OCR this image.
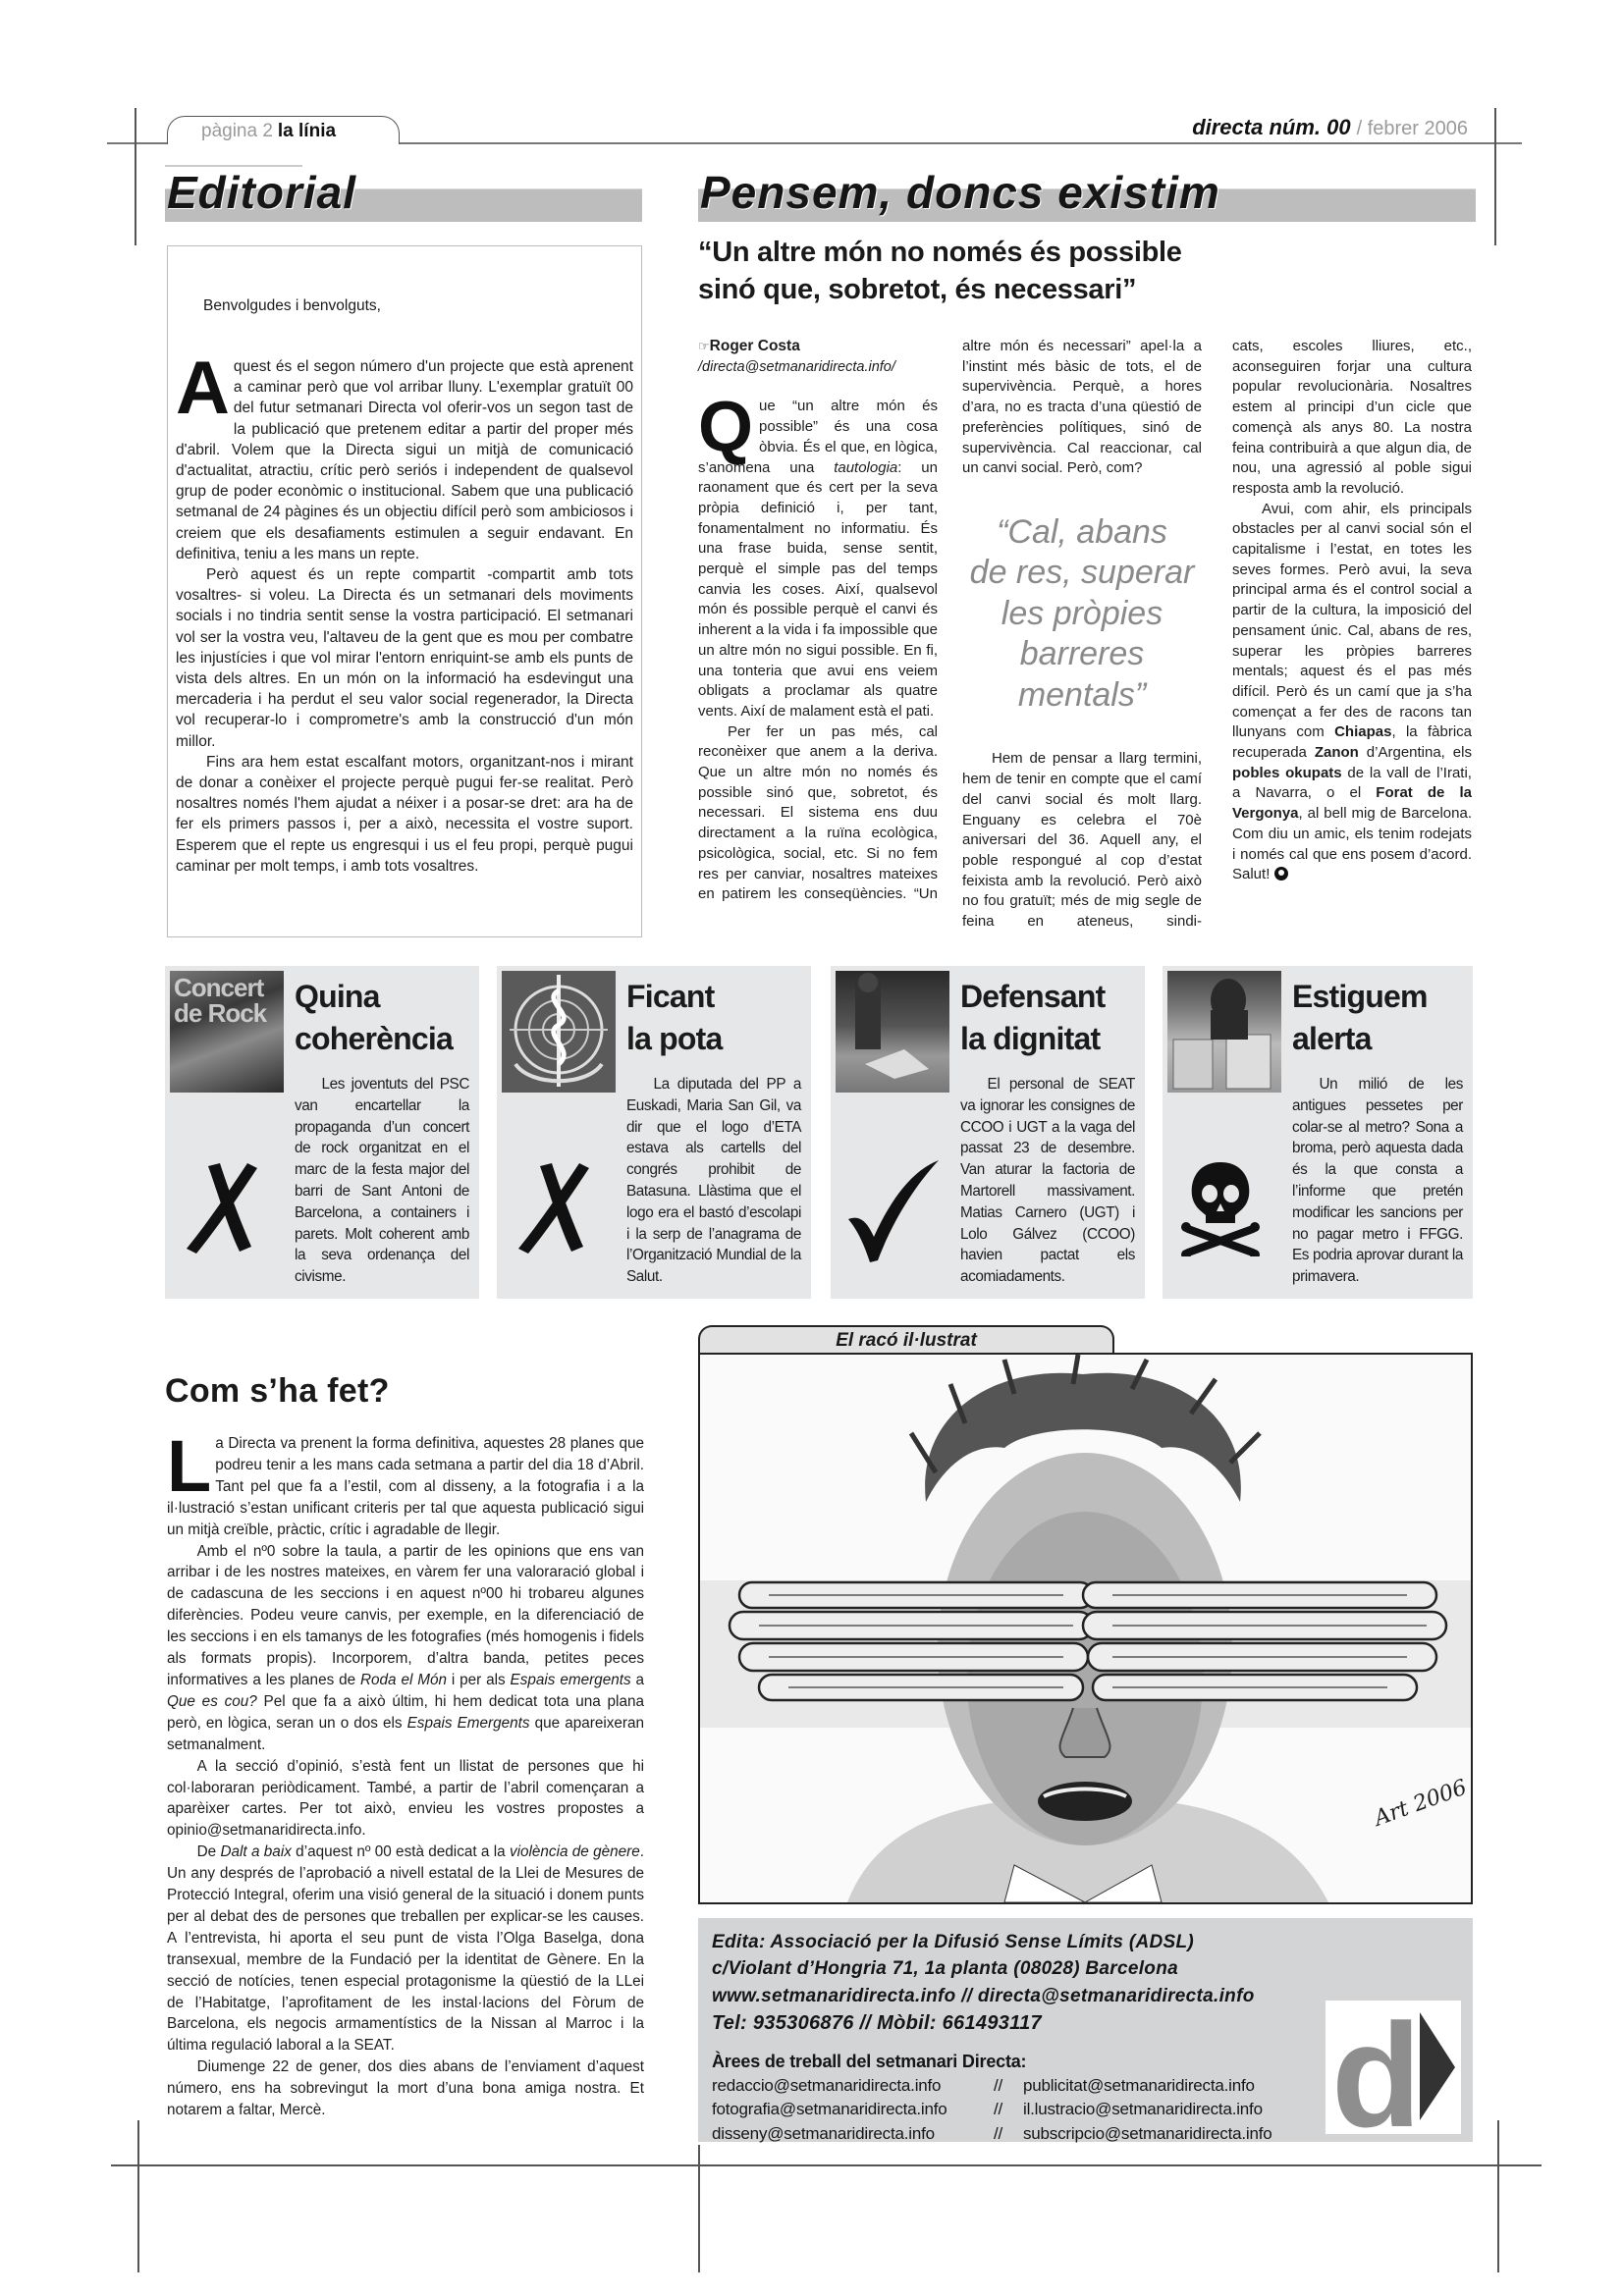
pàgina 2 la línia	directa núm. 00 / febrer 2006
Editorial
Benvolgudes i benvolguts,

Aquest és el segon número d'un projecte que està aprenent a caminar però que vol arribar lluny. L'exemplar gratuït 00 del futur setmanari Directa vol oferir-vos un segon tast de la publicació que pretenem editar a partir del proper més d'abril. Volem que la Directa sigui un mitjà de comunicació d'actualitat, atractiu, crític però seriós i independent de qualsevol grup de poder econòmic o institucional. Sabem que una publicació setmanal de 24 pàgines és un objectiu difícil però som ambiciosos i creiem que els desafiaments estimulen a seguir endavant. En definitiva, teniu a les mans un repte.

Però aquest és un repte compartit -compartit amb tots vosaltres- si voleu. La Directa és un setmanari dels moviments socials i no tindria sentit sense la vostra participació. El setmanari vol ser la vostra veu, l'altaveu de la gent que es mou per combatre les injustícies i que vol mirar l'entorn enriquint-se amb els punts de vista dels altres. En un món on la informació ha esdevingut una mercaderia i ha perdut el seu valor social regenerador, la Directa vol recuperar-lo i comprometre's amb la construcció d'un món millor.

Fins ara hem estat escalfant motors, organitzant-nos i mirant de donar a conèixer el projecte perquè pugui fer-se realitat. Però nosaltres només l'hem ajudat a néixer i a posar-se dret: ara ha de fer els primers passos i, per a això, necessita el vostre suport. Esperem que el repte us engresqui i us el feu propi, perquè pugui caminar per molt temps, i amb tots vosaltres.

Pensem, doncs existim
“Un altre món no només és possible
sinó que, sobretot, és necessari”
☞Roger Costa
/directa@setmanaridirecta.info/

Que “un altre món és possible” és una cosa òbvia. És el que, en lògica, s’anomena una tautologia: un raonament que és cert per la seva pròpia definició i, per tant, fonamentalment no informatiu. És una frase buida, sense sentit, perquè el simple pas del temps canvia les coses. Així, qualsevol món és possible perquè el canvi és inherent a la vida i fa impossible que un altre món no sigui possible. En fi, una tonteria que avui ens veiem obligats a proclamar als quatre vents. Així de malament està el pati.

Per fer un pas més, cal reconèixer que anem a la deriva. Que un altre món no només és possible sinó que, sobretot, és necessari. El sistema ens duu directament a la ruïna ecològica, psicològica, social, etc. Si no fem res per canviar, nosaltres mateixes en patirem les conseqüències. “Un

altre món és necessari” apel·la a l’instint més bàsic de tots, el de supervivència. Perquè, a hores d’ara, no es tracta d’una qüestió de preferències polítiques, sinó de supervivència. Cal reaccionar, cal un canvi social. Però, com?

“Cal, abans
de res, superar
les pròpies
barreres
mentals”

Hem de pensar a llarg termini, hem de tenir en compte que el camí del canvi social és molt llarg. Enguany es celebra el 70è aniversari del 36. Aquell any, el poble respongué al cop d’estat feixista amb la revolució. Però això no fou gratuït; més de mig segle de feina en ateneus, sindi-

cats, escoles lliures, etc., aconseguiren forjar una cultura popular revolucionària. Nosaltres estem al principi d’un cicle que començà als anys 80. La nostra feina contribuirà a que algun dia, de nou, una agressió al poble sigui resposta amb la revolució.

Avui, com ahir, els principals obstacles per al canvi social són el capitalisme i l’estat, en totes les seves formes. Però avui, la seva principal arma és el control social a partir de la cultura, la imposició del pensament únic. Cal, abans de res, superar les pròpies barreres mentals; aquest és el pas més difícil. Però és un camí que ja s’ha començat a fer des de racons tan llunyans com Chiapas, la fàbrica recuperada Zanon d’Argentina, els pobles okupats de la vall de l’Irati, a Navarra, o el Forat de la Vergonya, al bell mig de Barcelona. Com diu un amic, els tenim rodejats i només cal que ens posem d’acord. Salut!

Concert de Rock Quina
coherència
Les joventuts del PSC van encartellar la propaganda d’un concert de rock organitzat en el marc de la festa major del barri de Sant Antoni de Barcelona, a containers i parets. Molt coherent amb la seva ordenança del civisme.
Ficant
la pota
La diputada del PP a Euskadi, Maria San Gil, va dir que el logo d’ETA estava als cartells del congrés prohibit de Batasuna. Llàstima que el logo era el bastó d’escolapi i la serp de l’anagrama de l’Organització Mundial de la Salut.
Defensant
la dignitat
El personal de SEAT va ignorar les consignes de CCOO i UGT a la vaga del passat 23 de desembre. Van aturar la factoria de Martorell massivament. Matias Carnero (UGT) i Lolo Gálvez (CCOO) havien pactat els acomiadaments.
Estiguem
alerta
Un milió de les antigues pessetes per colar-se al metro? Sona a broma, però aquesta dada és la que consta a l’informe que pretén modificar les sancions per no pagar metro i FFGG. Es podria aprovar durant la primavera.
Com s’ha fet?

La Directa va prenent la forma definitiva, aquestes 28 planes que podreu tenir a les mans cada setmana a partir del dia 18 d’Abril. Tant pel que fa a l’estil, com al disseny, a la fotografia i a la il·lustració s’estan unificant criteris per tal que aquesta publicació sigui un mitjà creïble, pràctic, crític i agradable de llegir.

Amb el nº0 sobre la taula, a partir de les opinions que ens van arribar i de les nostres mateixes, en vàrem fer una valoraració global i de cadascuna de les seccions i en aquest nº00 hi trobareu algunes diferències. Podeu veure canvis, per exemple, en la diferenciació de les seccions i en els tamanys de les fotografies (més homogenis i fidels als formats propis). Incorporem, d’altra banda, petites peces informatives a les planes de Roda el Món i per als Espais emergents a Que es cou? Pel que fa a això últim, hi hem dedicat tota una plana però, en lògica, seran un o dos els Espais Emergents que apareixeran setmanalment.

A la secció d’opinió, s’està fent un llistat de persones que hi col·laboraran periòdicament. També, a partir de l’abril començaran a aparèixer cartes. Per tot això, envieu les vostres propostes a opinio@setmanaridirecta.info.

De Dalt a baix d’aquest nº 00 està dedicat a la violència de gènere. Un any després de l’aprobació a nivell estatal de la Llei de Mesures de Protecció Integral, oferim una visió general de la situació i donem punts per al debat des de persones que treballen per explicar-se les causes. A l’entrevista, hi aporta el seu punt de vista l’Olga Baselga, dona transexual, membre de la Fundació per la identitat de Gènere. En la secció de notícies, tenen especial protagonisme la qüestió de la LLei de l’Habitatge, l’aprofitament de les instal·lacions del Fòrum de Barcelona, els negocis armamentístics de la Nissan al Marroc i la última regulació laboral a la SEAT.

Diumenge 22 de gener, dos dies abans de l’enviament d’aquest número, ens ha sobrevingut la mort d’una bona amiga nostra. Et notarem a faltar, Mercè.

El racó il·lustrat
Art 2006
Edita: Associació per la Difusió Sense Límits (ADSL)
c/Violant d’Hongria 71, 1a planta (08028) Barcelona
www.setmanaridirecta.info // directa@setmanaridirecta.info
Tel: 935306876 // Mòbil: 661493117
Àrees de treball del setmanari Directa:
redaccio@setmanaridirecta.info	// publicitat@setmanaridirecta.info
fotografia@setmanaridirecta.info	// il.lustracio@setmanaridirecta.info
disseny@setmanaridirecta.info	// subscripcio@setmanaridirecta.info d
